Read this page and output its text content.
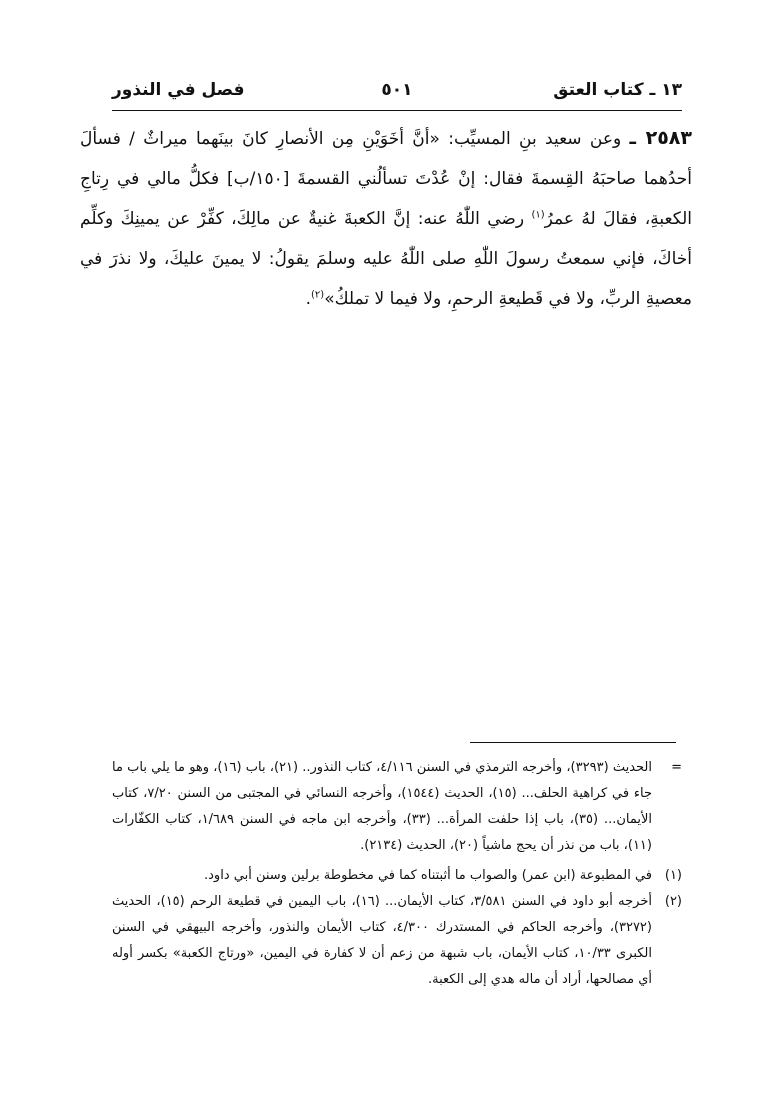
١٣ ـ كتاب العتق
٥٠١
فصل في النذور

٢٥٨٣ ـ وعن سعيد بنِ المسيِّب: «أنَّ أخَوَيْنِ مِن الأنصارِ كانَ بينَهما ميراثٌ / فسألَ أحدُهما صاحبَهُ القِسمةَ فقال: إنْ عُدْتَ تسألُني القسمةَ [١٥٠/ب] فكلُّ مالي في رِتاجِ الكعبةِ، فقالَ لهُ عمرُ$^{(١)}$ رضي اللّٰهُ عنه: إنَّ الكعبةَ غنيةٌ عن مالِكَ، كفِّرْ عن يمينِكَ وكلِّم أخاكَ، فإني سمعتُ رسولَ اللّٰهِ صلى اللّٰهُ عليه وسلمَ يقولُ: لا يمينَ عليكَ، ولا نذرَ في معصيةِ الربِّ، ولا في قَطيعةِ الرحمِ، ولا فيما لا تملكُ»$^{(٢)}$.

=
الحديث (٣٢٩٣)، وأخرجه الترمذي في السنن ٤/١١٦، كتاب النذور.. (٢١)، باب (١٦)، وهو ما يلي باب ما جاء في كراهية الحلف... (١٥)، الحديث (١٥٤٤)، وأخرجه النسائي في المجتبى من السنن ٧/٢٠، كتاب الأيمان... (٣٥)، باب إذا حلفت المرأة... (٣٣)، وأخرجه ابن ماجه في السنن ١/٦٨٩، كتاب الكفّارات (١١)، باب من نذر أن يحج ماشياً (٢٠)، الحديث (٢١٣٤).

(١)
في المطبوعة (ابن عمر) والصواب ما أثبتناه كما في مخطوطة برلين وسنن أبي داود.

(٢)
أخرجه أبو داود في السنن ٣/٥٨١، كتاب الأيمان... (١٦)، باب اليمين في قطيعة الرحم (١٥)، الحديث (٣٢٧٢)، وأخرجه الحاكم في المستدرك ٤/٣٠٠، كتاب الأيمان والنذور، وأخرجه البيهقي في السنن الكبرى ١٠/٣٣، كتاب الأيمان، باب شبهة من زعم أن لا كفارة في اليمين، «ورتاج الكعبة» بكسر أوله أي مصالحها، أراد أن ماله هدي إلى الكعبة.
